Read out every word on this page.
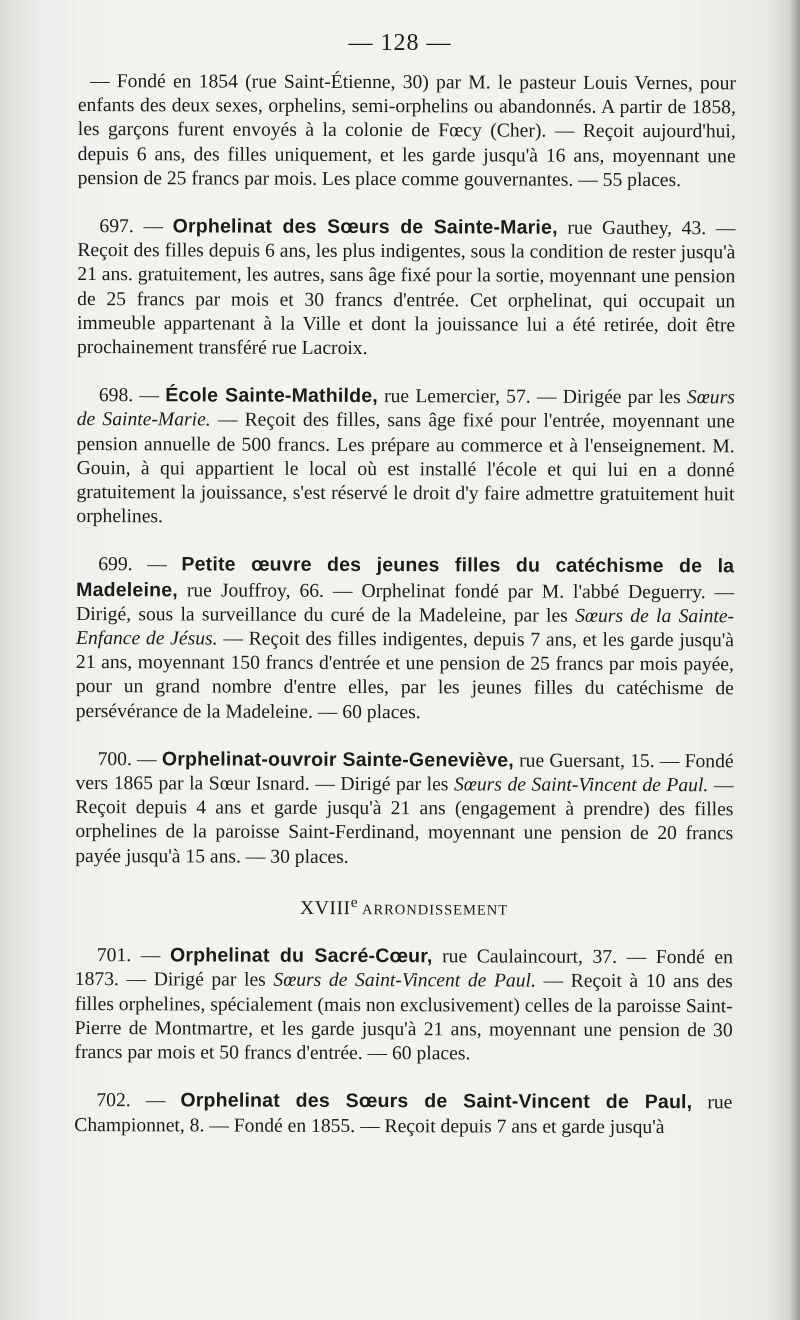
— 128 —

— Fondé en 1854 (rue Saint-Étienne, 30) par M. le pasteur Louis Vernes, pour enfants des deux sexes, orphelins, semi-orphelins ou abandonnés. A partir de 1858, les garçons furent envoyés à la colonie de Fœcy (Cher). — Reçoit aujourd'hui, depuis 6 ans, des filles uniquement, et les garde jusqu'à 16 ans, moyennant une pension de 25 francs par mois. Les place comme gouvernantes. — 55 places.

697. — Orphelinat des Sœurs de Sainte-Marie, rue Gauthey, 43. — Reçoit des filles depuis 6 ans, les plus indigentes, sous la condition de rester jusqu'à 21 ans. gratuitement, les autres, sans âge fixé pour la sortie, moyennant une pension de 25 francs par mois et 30 francs d'entrée. Cet orphelinat, qui occupait un immeuble appartenant à la Ville et dont la jouissance lui a été retirée, doit être prochainement transféré rue Lacroix.

698. — École Sainte-Mathilde, rue Lemercier, 57. — Dirigée par les Sœurs de Sainte-Marie. — Reçoit des filles, sans âge fixé pour l'entrée, moyennant une pension annuelle de 500 francs. Les prépare au commerce et à l'enseignement. M. Gouin, à qui appartient le local où est installé l'école et qui lui en a donné gratuitement la jouissance, s'est réservé le droit d'y faire admettre gratuitement huit orphelines.

699. — Petite œuvre des jeunes filles du catéchisme de la Madeleine, rue Jouffroy, 66. — Orphelinat fondé par M. l'abbé Deguerry. — Dirigé, sous la surveillance du curé de la Madeleine, par les Sœurs de la Sainte-Enfance de Jésus. — Reçoit des filles indigentes, depuis 7 ans, et les garde jusqu'à 21 ans, moyennant 150 francs d'entrée et une pension de 25 francs par mois payée, pour un grand nombre d'entre elles, par les jeunes filles du catéchisme de persévérance de la Madeleine. — 60 places.

700. — Orphelinat-ouvroir Sainte-Geneviève, rue Guersant, 15. — Fondé vers 1865 par la Sœur Isnard. — Dirigé par les Sœurs de Saint-Vincent de Paul. — Reçoit depuis 4 ans et garde jusqu'à 21 ans (engagement à prendre) des filles orphelines de la paroisse Saint-Ferdinand, moyennant une pension de 20 francs payée jusqu'à 15 ans. — 30 places.

XVIIIe ARRONDISSEMENT

701. — Orphelinat du Sacré-Cœur, rue Caulaincourt, 37. — Fondé en 1873. — Dirigé par les Sœurs de Saint-Vincent de Paul. — Reçoit à 10 ans des filles orphelines, spécialement (mais non exclusivement) celles de la paroisse Saint-Pierre de Montmartre, et les garde jusqu'à 21 ans, moyennant une pension de 30 francs par mois et 50 francs d'entrée. — 60 places.

702. — Orphelinat des Sœurs de Saint-Vincent de Paul, rue Championnet, 8. — Fondé en 1855. — Reçoit depuis 7 ans et garde jusqu'à
